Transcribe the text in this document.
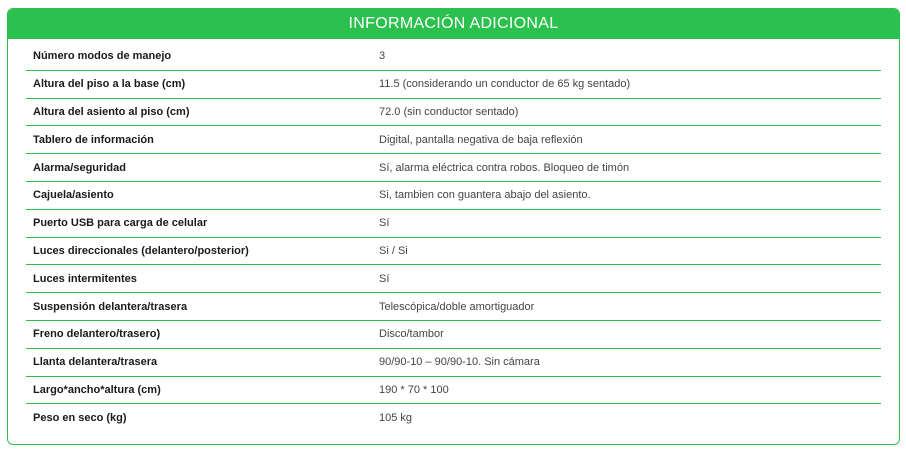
INFORMACIÓN ADICIONAL
Número modos de manejo	3
Altura del piso a la base (cm)	11.5 (considerando un conductor de 65 kg sentado)
Altura del asiento al piso (cm)	72.0 (sin conductor sentado)
Tablero de información	Digital, pantalla negativa de baja reflexión
Alarma/seguridad	Sí, alarma eléctrica contra robos. Bloqueo de timón
Cajuela/asiento	Si, tambien con guantera abajo del asiento.
Puerto USB para carga de celular	Sí
Luces direccionales (delantero/posterior)	Si / Si
Luces intermitentes	Sí
Suspensión delantera/trasera	Telescópica/doble amortiguador
Freno delantero/trasero)	Disco/tambor
Llanta delantera/trasera	90/90-10 – 90/90-10. Sin cámara
Largo*ancho*altura (cm)	190 * 70 * 100
Peso en seco (kg)	105 kg
